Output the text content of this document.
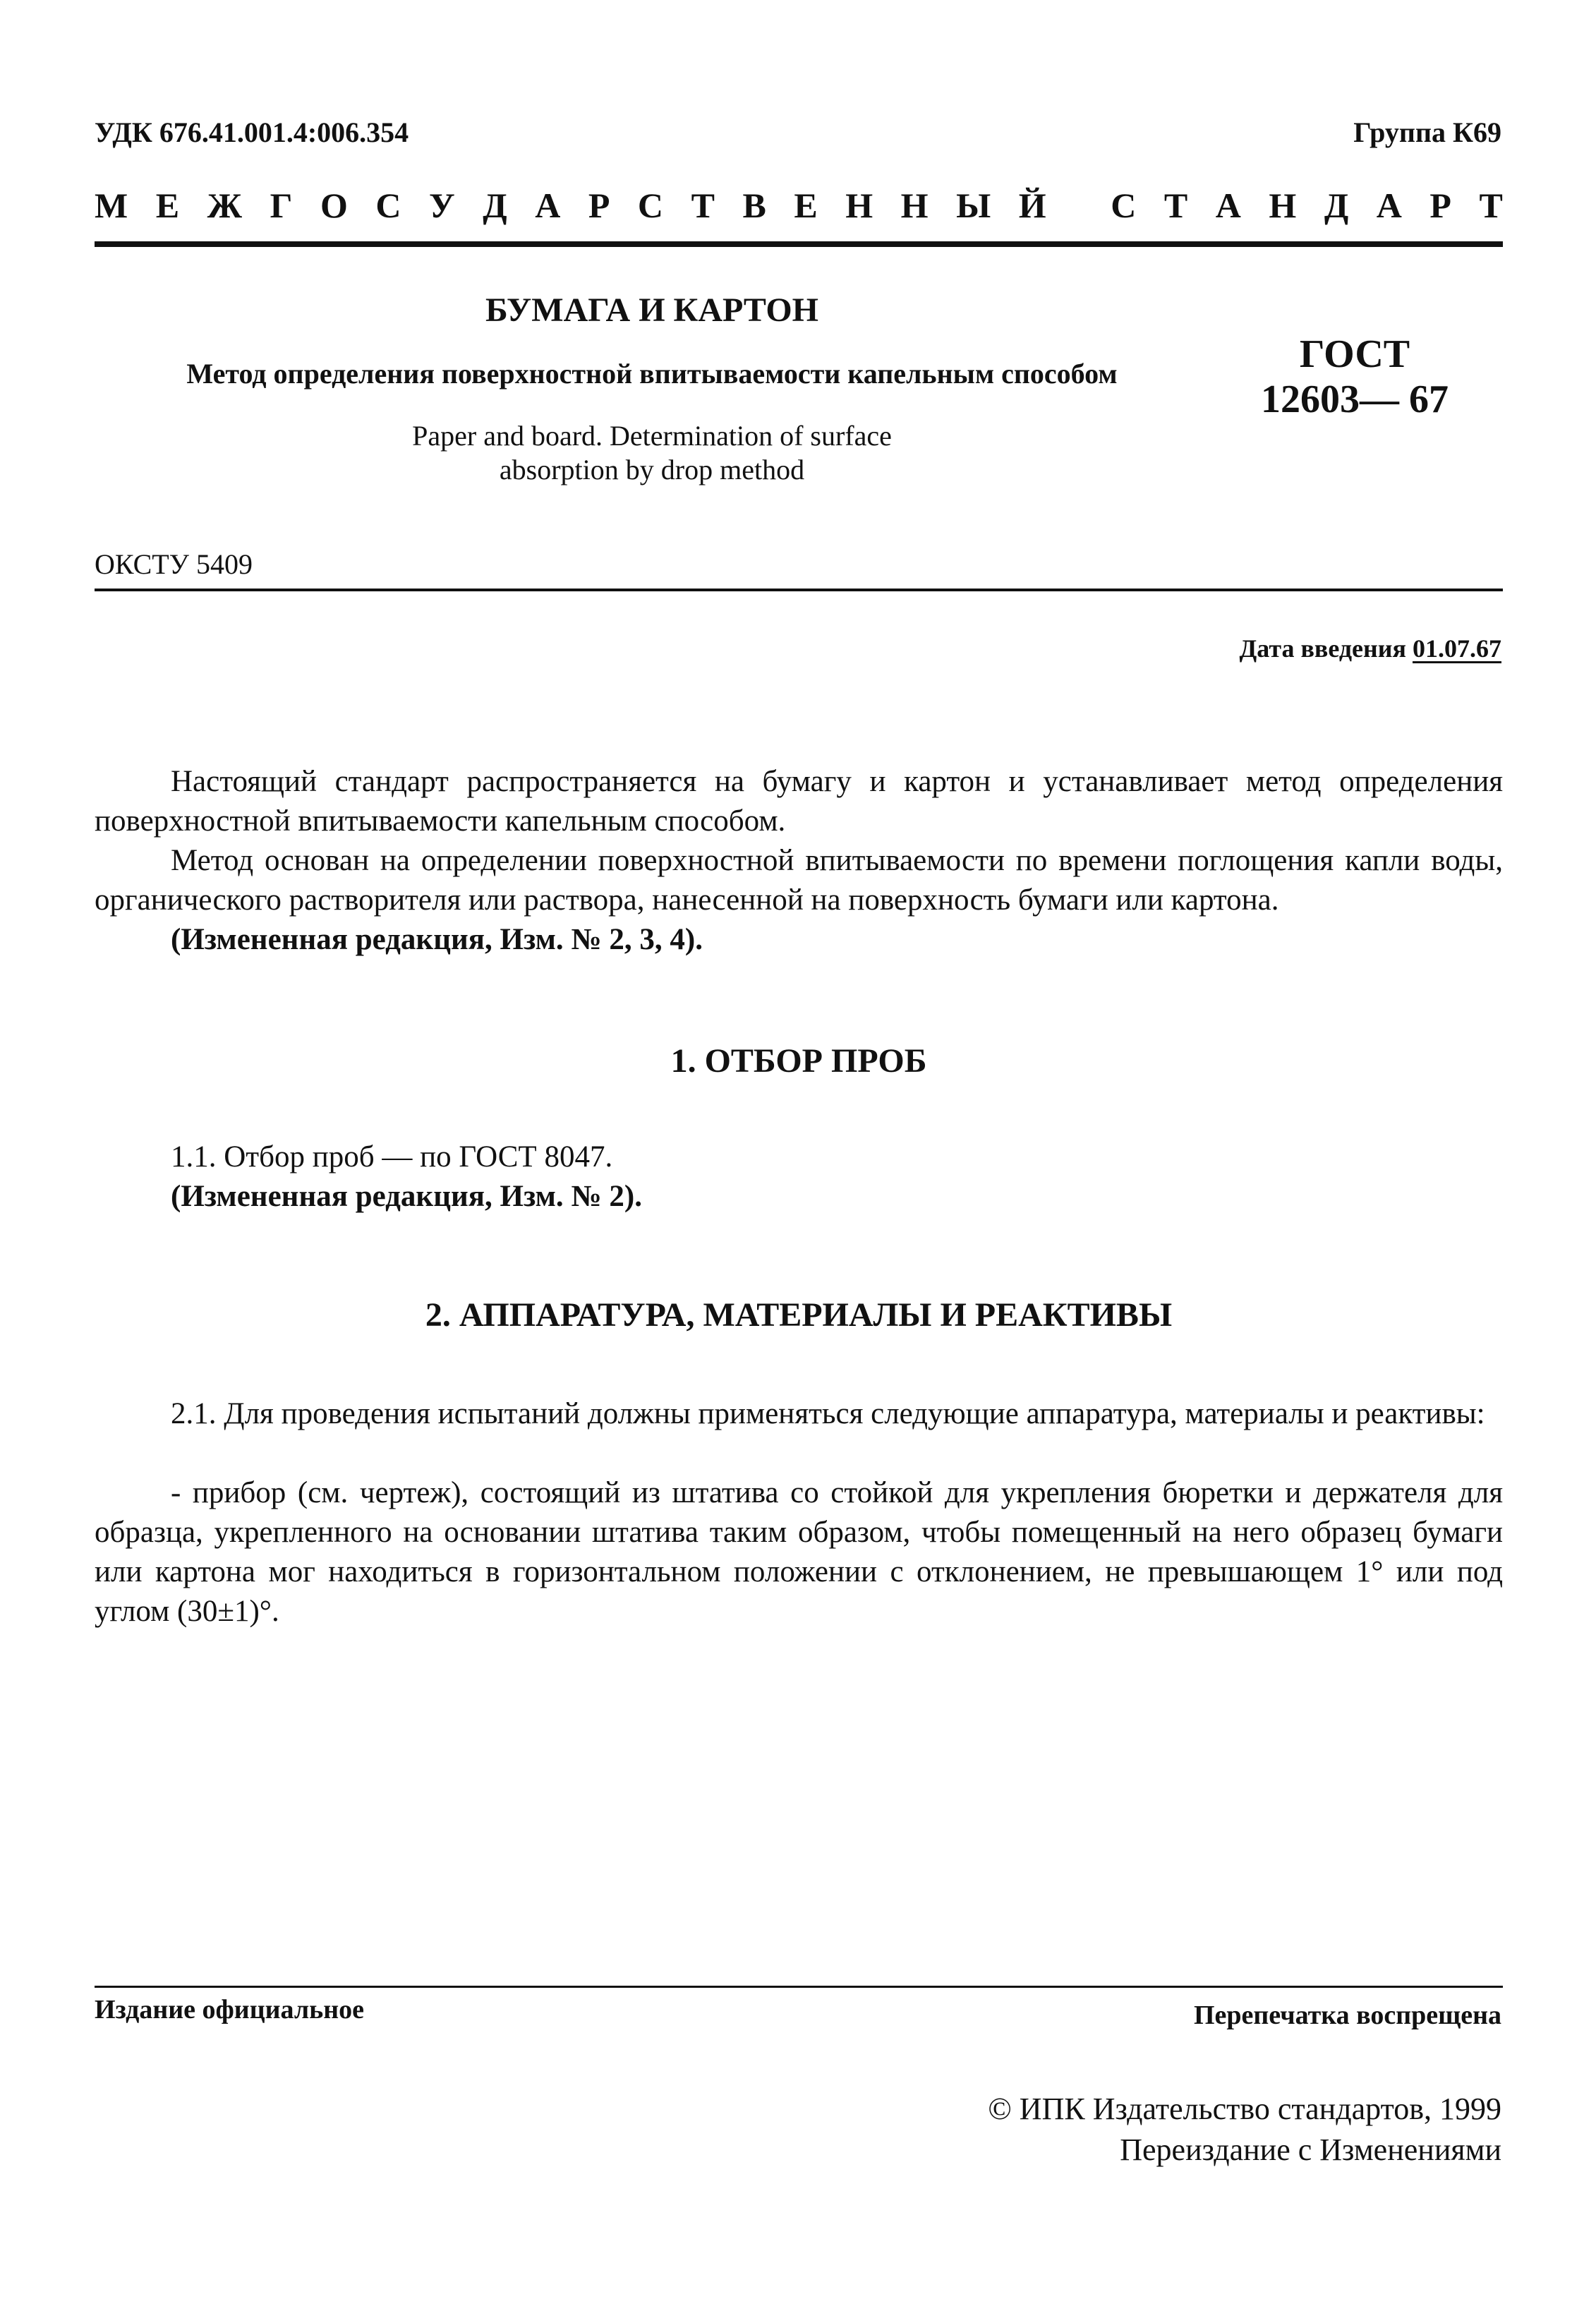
УДК 676.41.001.4:006.354	Группа К69
М Е Ж Г О С У Д А Р С Т В Е Н Н Ы Й
С Т А Н Д А Р Т
БУМАГА И КАРТОН
Метод определения поверхностной впитываемости капельным способом	ГОСТ
12603— 67
Paper and board. Determination of surface
absorption by drop method
ОКСТУ 5409
Дата введения 01.07.67
Настоящий стандарт распространяется на бумагу и картон и устанавливает метод определения поверхностной впитываемости капельным способом.
Метод основан на определении поверхностной впитываемости по времени поглощения капли воды, органического растворителя или раствора, нанесенной на поверхность бумаги или картона.
(Измененная редакция, Изм. № 2, 3, 4).
1. ОТБОР ПРОБ
1.1. Отбор проб — по ГОСТ 8047.
(Измененная редакция, Изм. № 2).
2. АППАРАТУРА, МАТЕРИАЛЫ И РЕАКТИВЫ
2.1. Для проведения испытаний должны применяться следующие аппаратура, материалы и реактивы:
- прибор (см. чертеж), состоящий из штатива со стойкой для укрепления бюретки и держателя для образца, укрепленного на основании штатива таким образом, чтобы помещенный на него образец бумаги или картона мог находиться в горизонтальном положении с отклонением, не превышающем 1° или под углом (30±1)°.
Издание официальное	Перепечатка воспрещена
© ИПК Издательство стандартов, 1999
Переиздание с Изменениями
